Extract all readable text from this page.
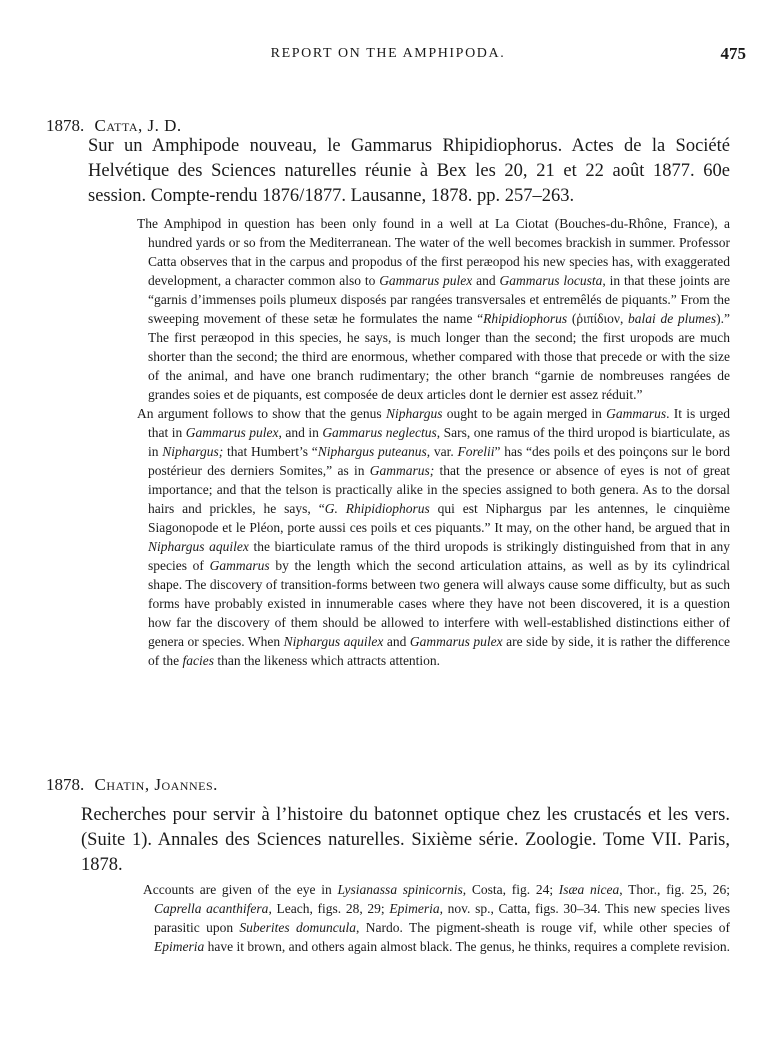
REPORT ON THE AMPHIPODA.	475
1878. Catta, J. D.
Sur un Amphipode nouveau, le Gammarus Rhipidiophorus. Actes de la Société Helvétique des Sciences naturelles réunie à Bex les 20, 21 et 22 août 1877. 60e session. Compte-rendu 1876/1877. Lausanne, 1878. pp. 257–263.

The Amphipod in question has been only found in a well at La Ciotat (Bouches-du-Rhône, France), a hundred yards or so from the Mediterranean. The water of the well becomes brackish in summer. Professor Catta observes that in the carpus and propodus of the first peræopod his new species has, with exaggerated development, a character common also to Gammarus pulex and Gammarus locusta, in that these joints are “garnis d’immenses poils plumeux disposés par rangées transversales et entremêlés de piquants.” From the sweeping movement of these setæ he formulates the name “Rhipidiophorus (ῥιπίδιον, balai de plumes).” The first peræopod in this species, he says, is much longer than the second; the first uropods are much shorter than the second; the third are enormous, whether compared with those that precede or with the size of the animal, and have one branch rudimentary; the other branch “garnie de nombreuses rangées de grandes soies et de piquants, est composée de deux articles dont le dernier est assez réduit.”

An argument follows to show that the genus Niphargus ought to be again merged in Gammarus. It is urged that in Gammarus pulex, and in Gammarus neglectus, Sars, one ramus of the third uropod is biarticulate, as in Niphargus; that Humbert’s “Niphargus puteanus, var. Forelii” has “des poils et des poinçons sur le bord postérieur des derniers Somites,” as in Gammarus; that the presence or absence of eyes is not of great importance; and that the telson is practically alike in the species assigned to both genera. As to the dorsal hairs and prickles, he says, “G. Rhipidiophorus qui est Niphargus par les antennes, le cinquième Siagonopode et le Pléon, porte aussi ces poils et ces piquants.” It may, on the other hand, be argued that in Niphargus aquilex the biarticulate ramus of the third uropods is strikingly distinguished from that in any species of Gammarus by the length which the second articulation attains, as well as by its cylindrical shape. The discovery of transition-forms between two genera will always cause some difficulty, but as such forms have probably existed in innumerable cases where they have not been discovered, it is a question how far the discovery of them should be allowed to interfere with well-established distinctions either of genera or species. When Niphargus aquilex and Gammarus pulex are side by side, it is rather the difference of the facies than the likeness which attracts attention.

1878. Chatin, Joannes.
Recherches pour servir à l’histoire du batonnet optique chez les crustacés et les vers. (Suite 1). Annales des Sciences naturelles. Sixième série. Zoologie. Tome VII. Paris, 1878.

Accounts are given of the eye in Lysianassa spinicornis, Costa, fig. 24; Isæa nicea, Thor., fig. 25, 26; Caprella acanthifera, Leach, figs. 28, 29; Epimeria, nov. sp., Catta, figs. 30–34. This new species lives parasitic upon Suberites domuncula, Nardo. The pigment-sheath is rouge vif, while other species of Epimeria have it brown, and others again almost black. The genus, he thinks, requires a complete revision.
